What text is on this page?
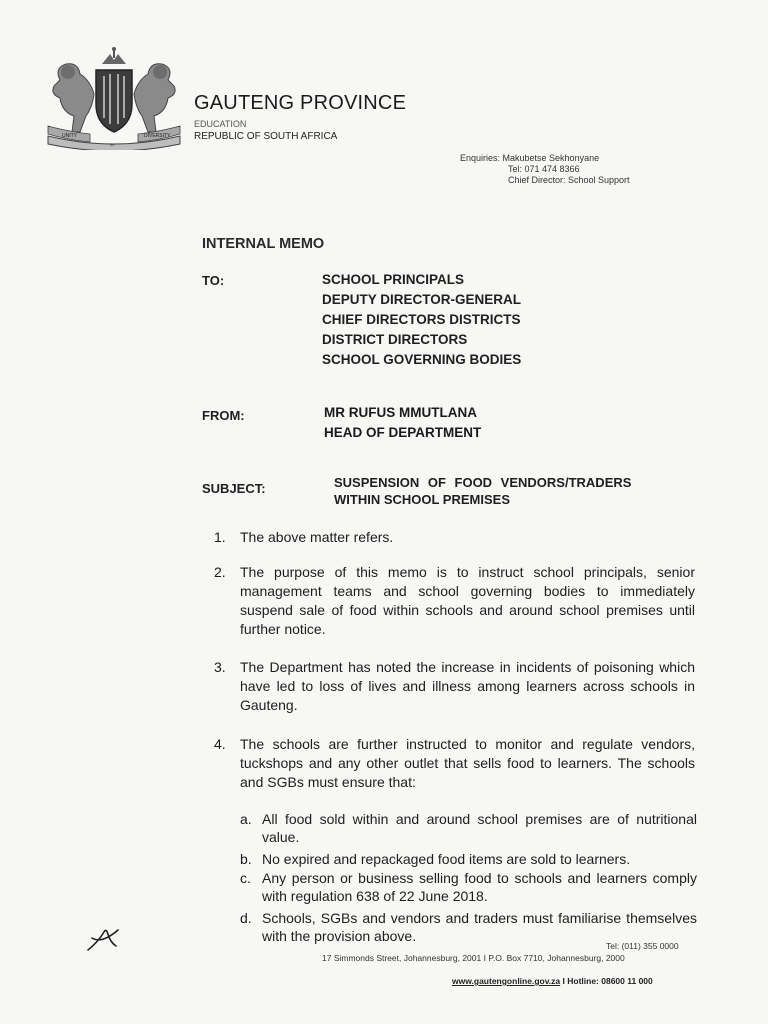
UNITY
IN
DIVERSITY
GAUTENG PROVINCE
EDUCATION
REPUBLIC OF SOUTH AFRICA
Enquiries: Makubetse Sekhonyane
Tel: 071 474 8366
Chief Director: School Support
INTERNAL MEMO
TO:	SCHOOL PRINCIPALS
DEPUTY DIRECTOR-GENERAL
CHIEF DIRECTORS DISTRICTS
DISTRICT DIRECTORS
SCHOOL GOVERNING BODIES
FROM:	MR RUFUS MMUTLANA
HEAD OF DEPARTMENT
SUBJECT:	SUSPENSION OF FOOD VENDORS/TRADERS
WITHIN SCHOOL PREMISES
1. The above matter refers.
2. The purpose of this memo is to instruct school principals, senior management teams and school governing bodies to immediately suspend sale of food within schools and around school premises until further notice.
3. The Department has noted the increase in incidents of poisoning which have led to loss of lives and illness among learners across schools in Gauteng.
4. The schools are further instructed to monitor and regulate vendors, tuckshops and any other outlet that sells food to learners. The schools and SGBs must ensure that:
a. All food sold within and around school premises are of nutritional value.
b. No expired and repackaged food items are sold to learners.
c. Any person or business selling food to schools and learners comply with regulation 638 of 22 June 2018.
d. Schools, SGBs and vendors and traders must familiarise themselves with the provision above.
Tel: (011) 355 0000
17 Simmonds Street, Johannesburg, 2001 I P.O. Box 7710, Johannesburg, 2000
www.gautengonline.gov.za I Hotline: 08600 11 000
